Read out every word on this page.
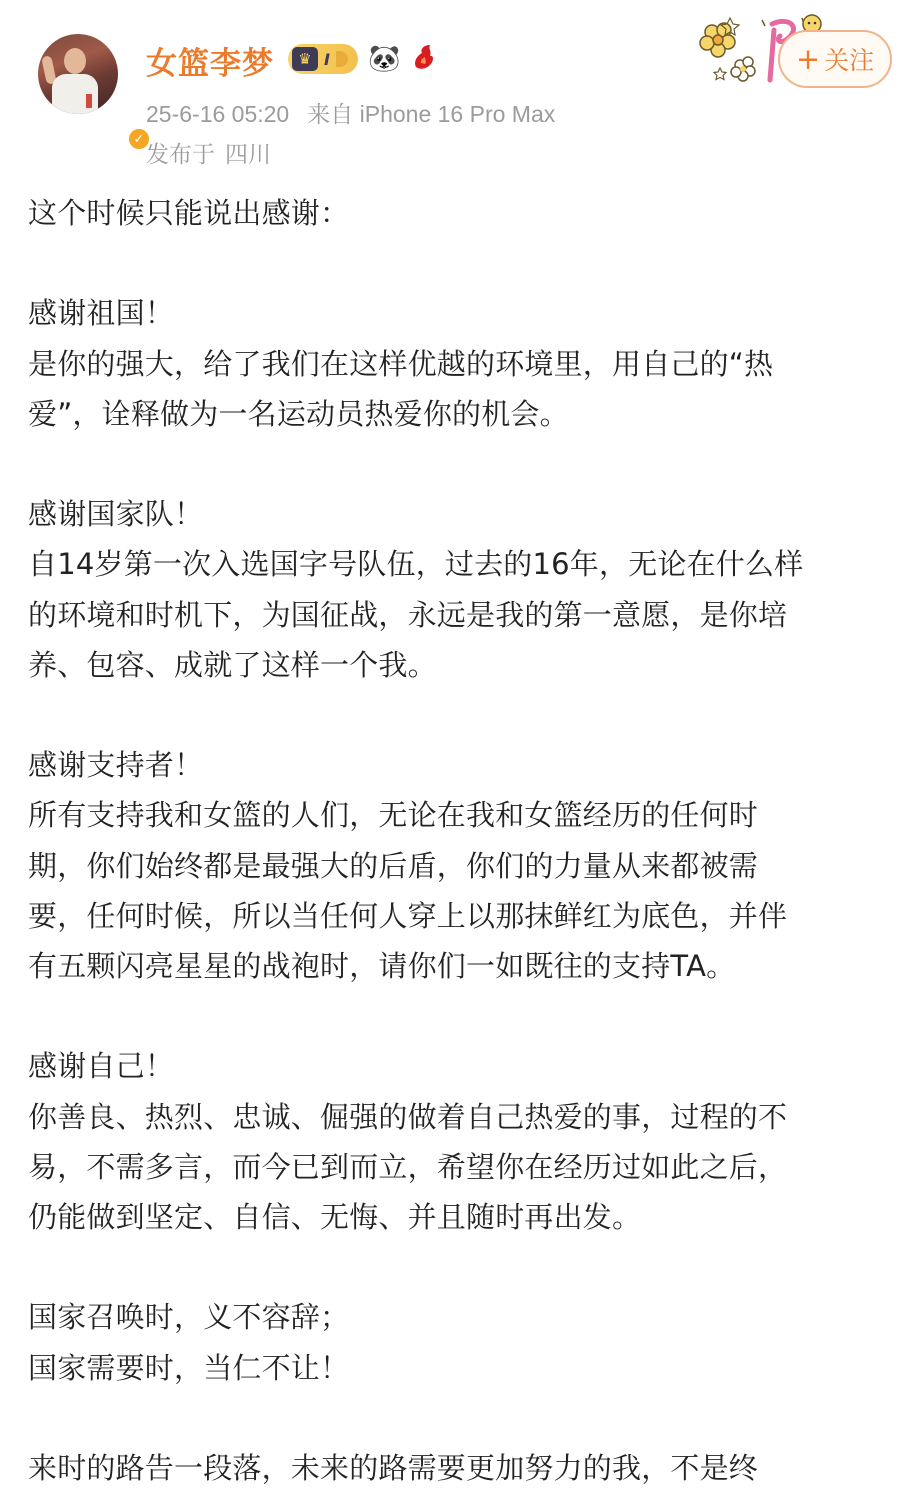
✓
女篮李梦	♛ I 🐼
25-6-16 05:20 来自 iPhone 16 Pro Max
发布于 四川
+ 关注

这个时候只能说出感谢：

感谢祖国！

是你的强大，给了我们在这样优越的环境里，用自己的“热

爱”，诠释做为一名运动员热爱你的机会。

感谢国家队！

自14岁第一次入选国字号队伍，过去的16年，无论在什么样

的环境和时机下，为国征战，永远是我的第一意愿，是你培

养、包容、成就了这样一个我。

感谢支持者！

所有支持我和女篮的人们，无论在我和女篮经历的任何时

期，你们始终都是最强大的后盾，你们的力量从来都被需

要，任何时候，所以当任何人穿上以那抹鲜红为底色，并伴

有五颗闪亮星星的战袍时，请你们一如既往的支持TA。

感谢自己！

你善良、热烈、忠诚、倔强的做着自己热爱的事，过程的不

易，不需多言，而今已到而立，希望你在经历过如此之后，

仍能做到坚定、自信、无悔、并且随时再出发。

国家召唤时，义不容辞；

国家需要时，当仁不让！

来时的路告一段落，未来的路需要更加努力的我，不是终
